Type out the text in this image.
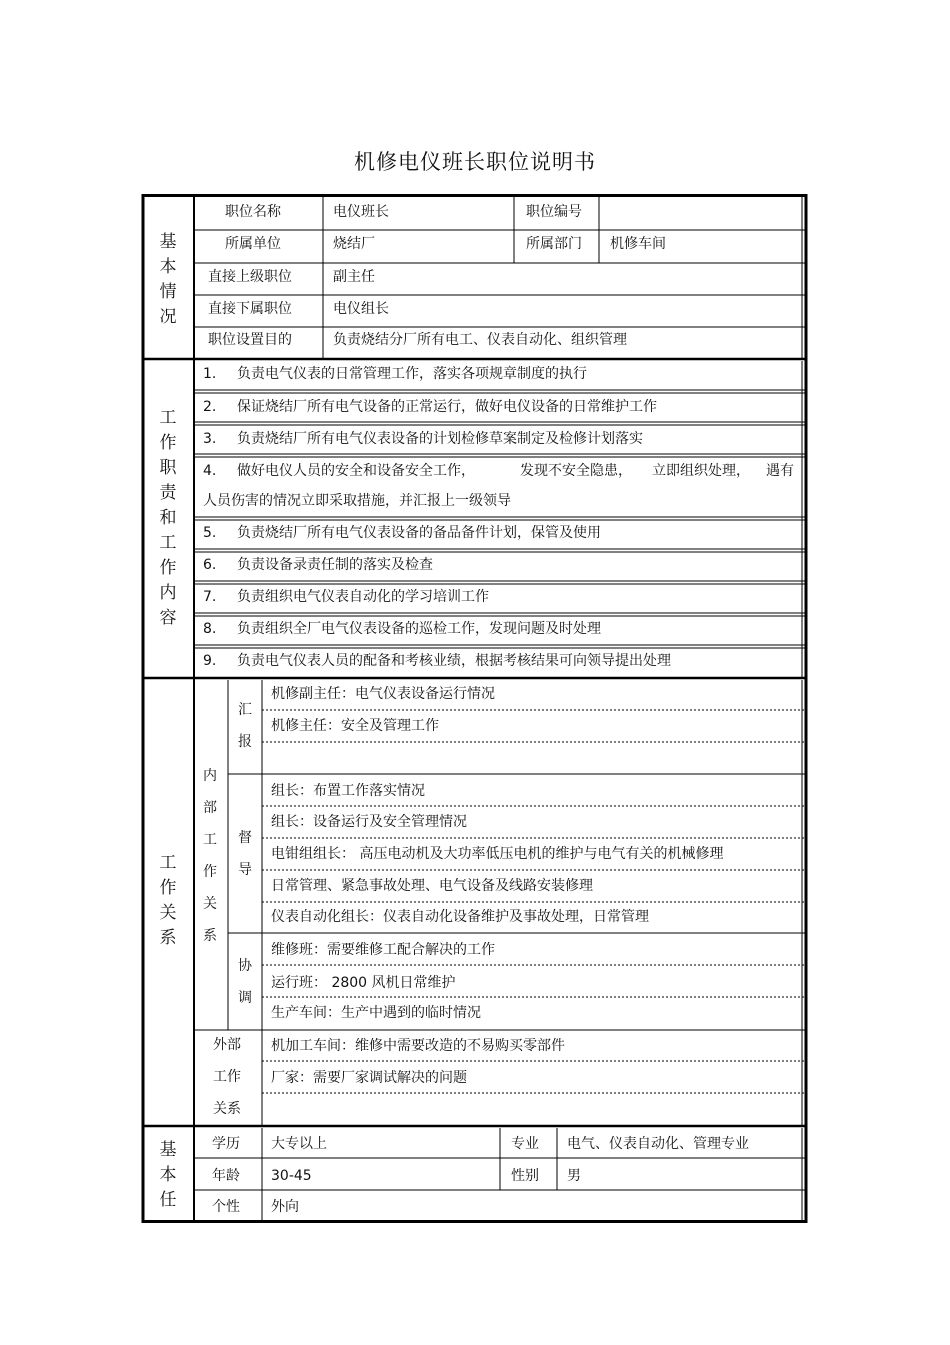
机修电仪班长职位说明书
基
本
情
况
职位名称	电仪班长	职位编号
所属单位	烧结厂	所属部门 机修车间
直接上级职位	副主任
直接下属职位	电仪组长
职位设置目的	负责烧结分厂所有电工、仪表自动化、组织管理
工
作
职
责
和
工
作
内
容
1. 负责电气仪表的日常管理工作，落实各项规章制度的执行
2. 保证烧结厂所有电气设备的正常运行，做好电仪设备的日常维护工作
3. 负责烧结厂所有电气仪表设备的计划检修草案制定及检修计划落实
4. 做好电仪人员的安全和设备安全工作，	发现不安全隐患， 立即组织处理， 遇有
人员伤害的情况立即采取措施，并汇报上一级领导
5. 负责烧结厂所有电气仪表设备的备品备件计划，保管及使用
6. 负责设备录责任制的落实及检查
7. 负责组织电气仪表自动化的学习培训工作
8. 负责组织全厂电气仪表设备的巡检工作，发现问题及时处理
9. 负责电气仪表人员的配备和考核业绩，根据考核结果可向领导提出处理
工
作
关
系
内
部
工
作
关
系
汇
报
机修副主任：电气仪表设备运行情况
机修主任：安全及管理工作
督
导
组长：布置工作落实情况
组长：设备运行及安全管理情况
电钳组组长： 高压电动机及大功率低压电机的维护与电气有关的机械修理
日常管理、紧急事故处理、电气设备及线路安装修理
仪表自动化组长：仪表自动化设备维护及事故处理，日常管理
协
调
维修班：需要维修工配合解决的工作
运行班： 2800 风机日常维护
生产车间：生产中遇到的临时情况
外部
工作
关系
机加工车间：维修中需要改造的不易购买零部件
厂家：需要厂家调试解决的问题
基
本
任
学历 大专以上	专业 电气、仪表自动化、管理专业
年龄 30-45	性别 男
个性 外向
